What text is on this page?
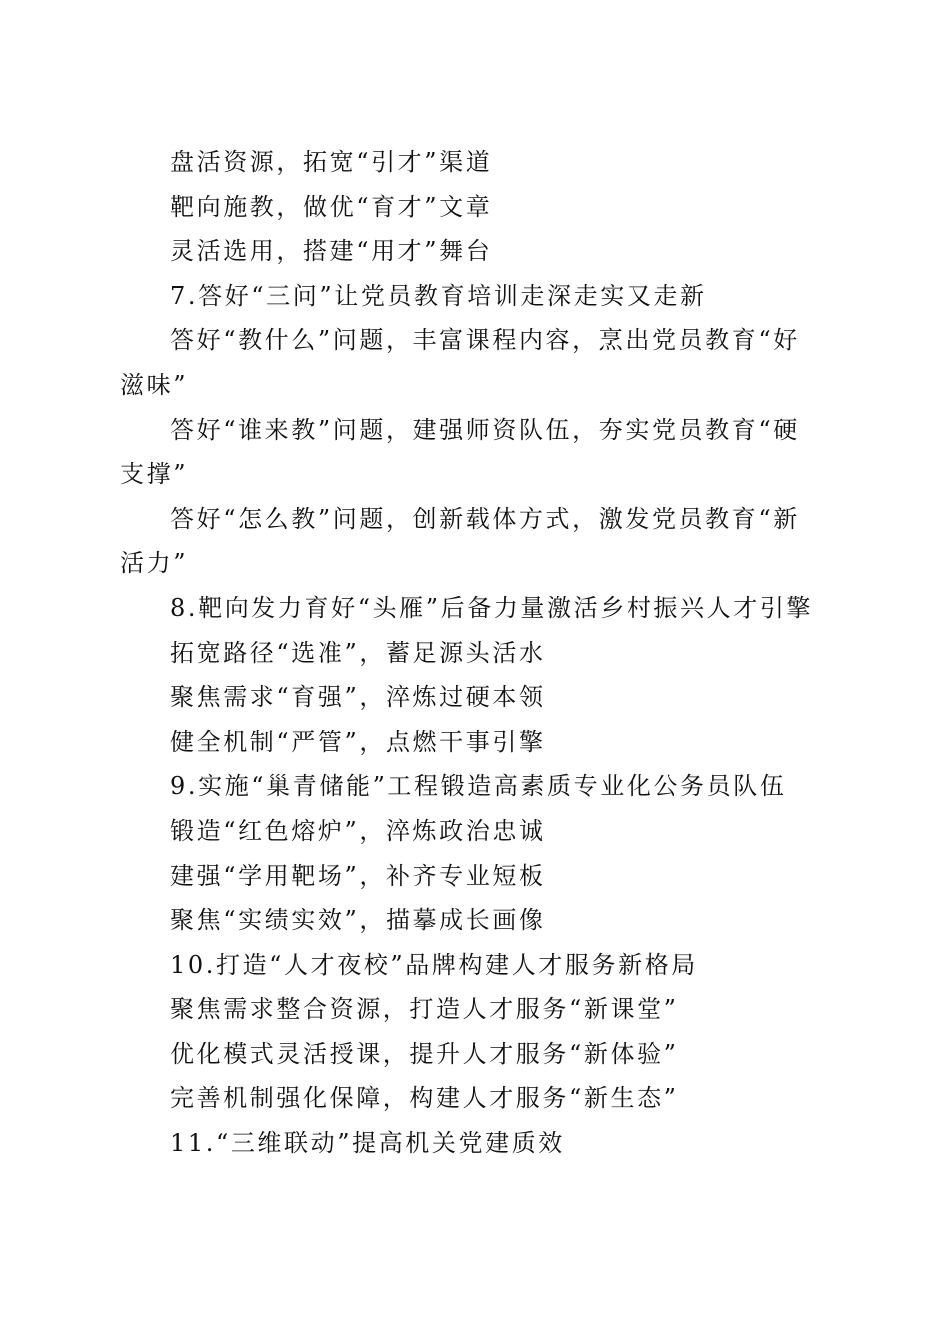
盘活资源，拓宽“引才”渠道
靶向施教，做优“育才”文章
灵活选用，搭建“用才”舞台
7.答好“三问”让党员教育培训走深走实又走新
答好“教什么”问题，丰富课程内容，烹出党员教育“好
滋味”
答好“谁来教”问题，建强师资队伍，夯实党员教育“硬
支撑”
答好“怎么教”问题，创新载体方式，激发党员教育“新
活力”
8.靶向发力育好“头雁”后备力量激活乡村振兴人才引擎
拓宽路径“选准”，蓄足源头活水
聚焦需求“育强”，淬炼过硬本领
健全机制“严管”，点燃干事引擎
9.实施“巢青储能”工程锻造高素质专业化公务员队伍
锻造“红色熔炉”，淬炼政治忠诚
建强“学用靶场”，补齐专业短板
聚焦“实绩实效”，描摹成长画像
10.打造“人才夜校”品牌构建人才服务新格局
聚焦需求整合资源，打造人才服务“新课堂”
优化模式灵活授课，提升人才服务“新体验”
完善机制强化保障，构建人才服务“新生态”
11.“三维联动”提高机关党建质效
